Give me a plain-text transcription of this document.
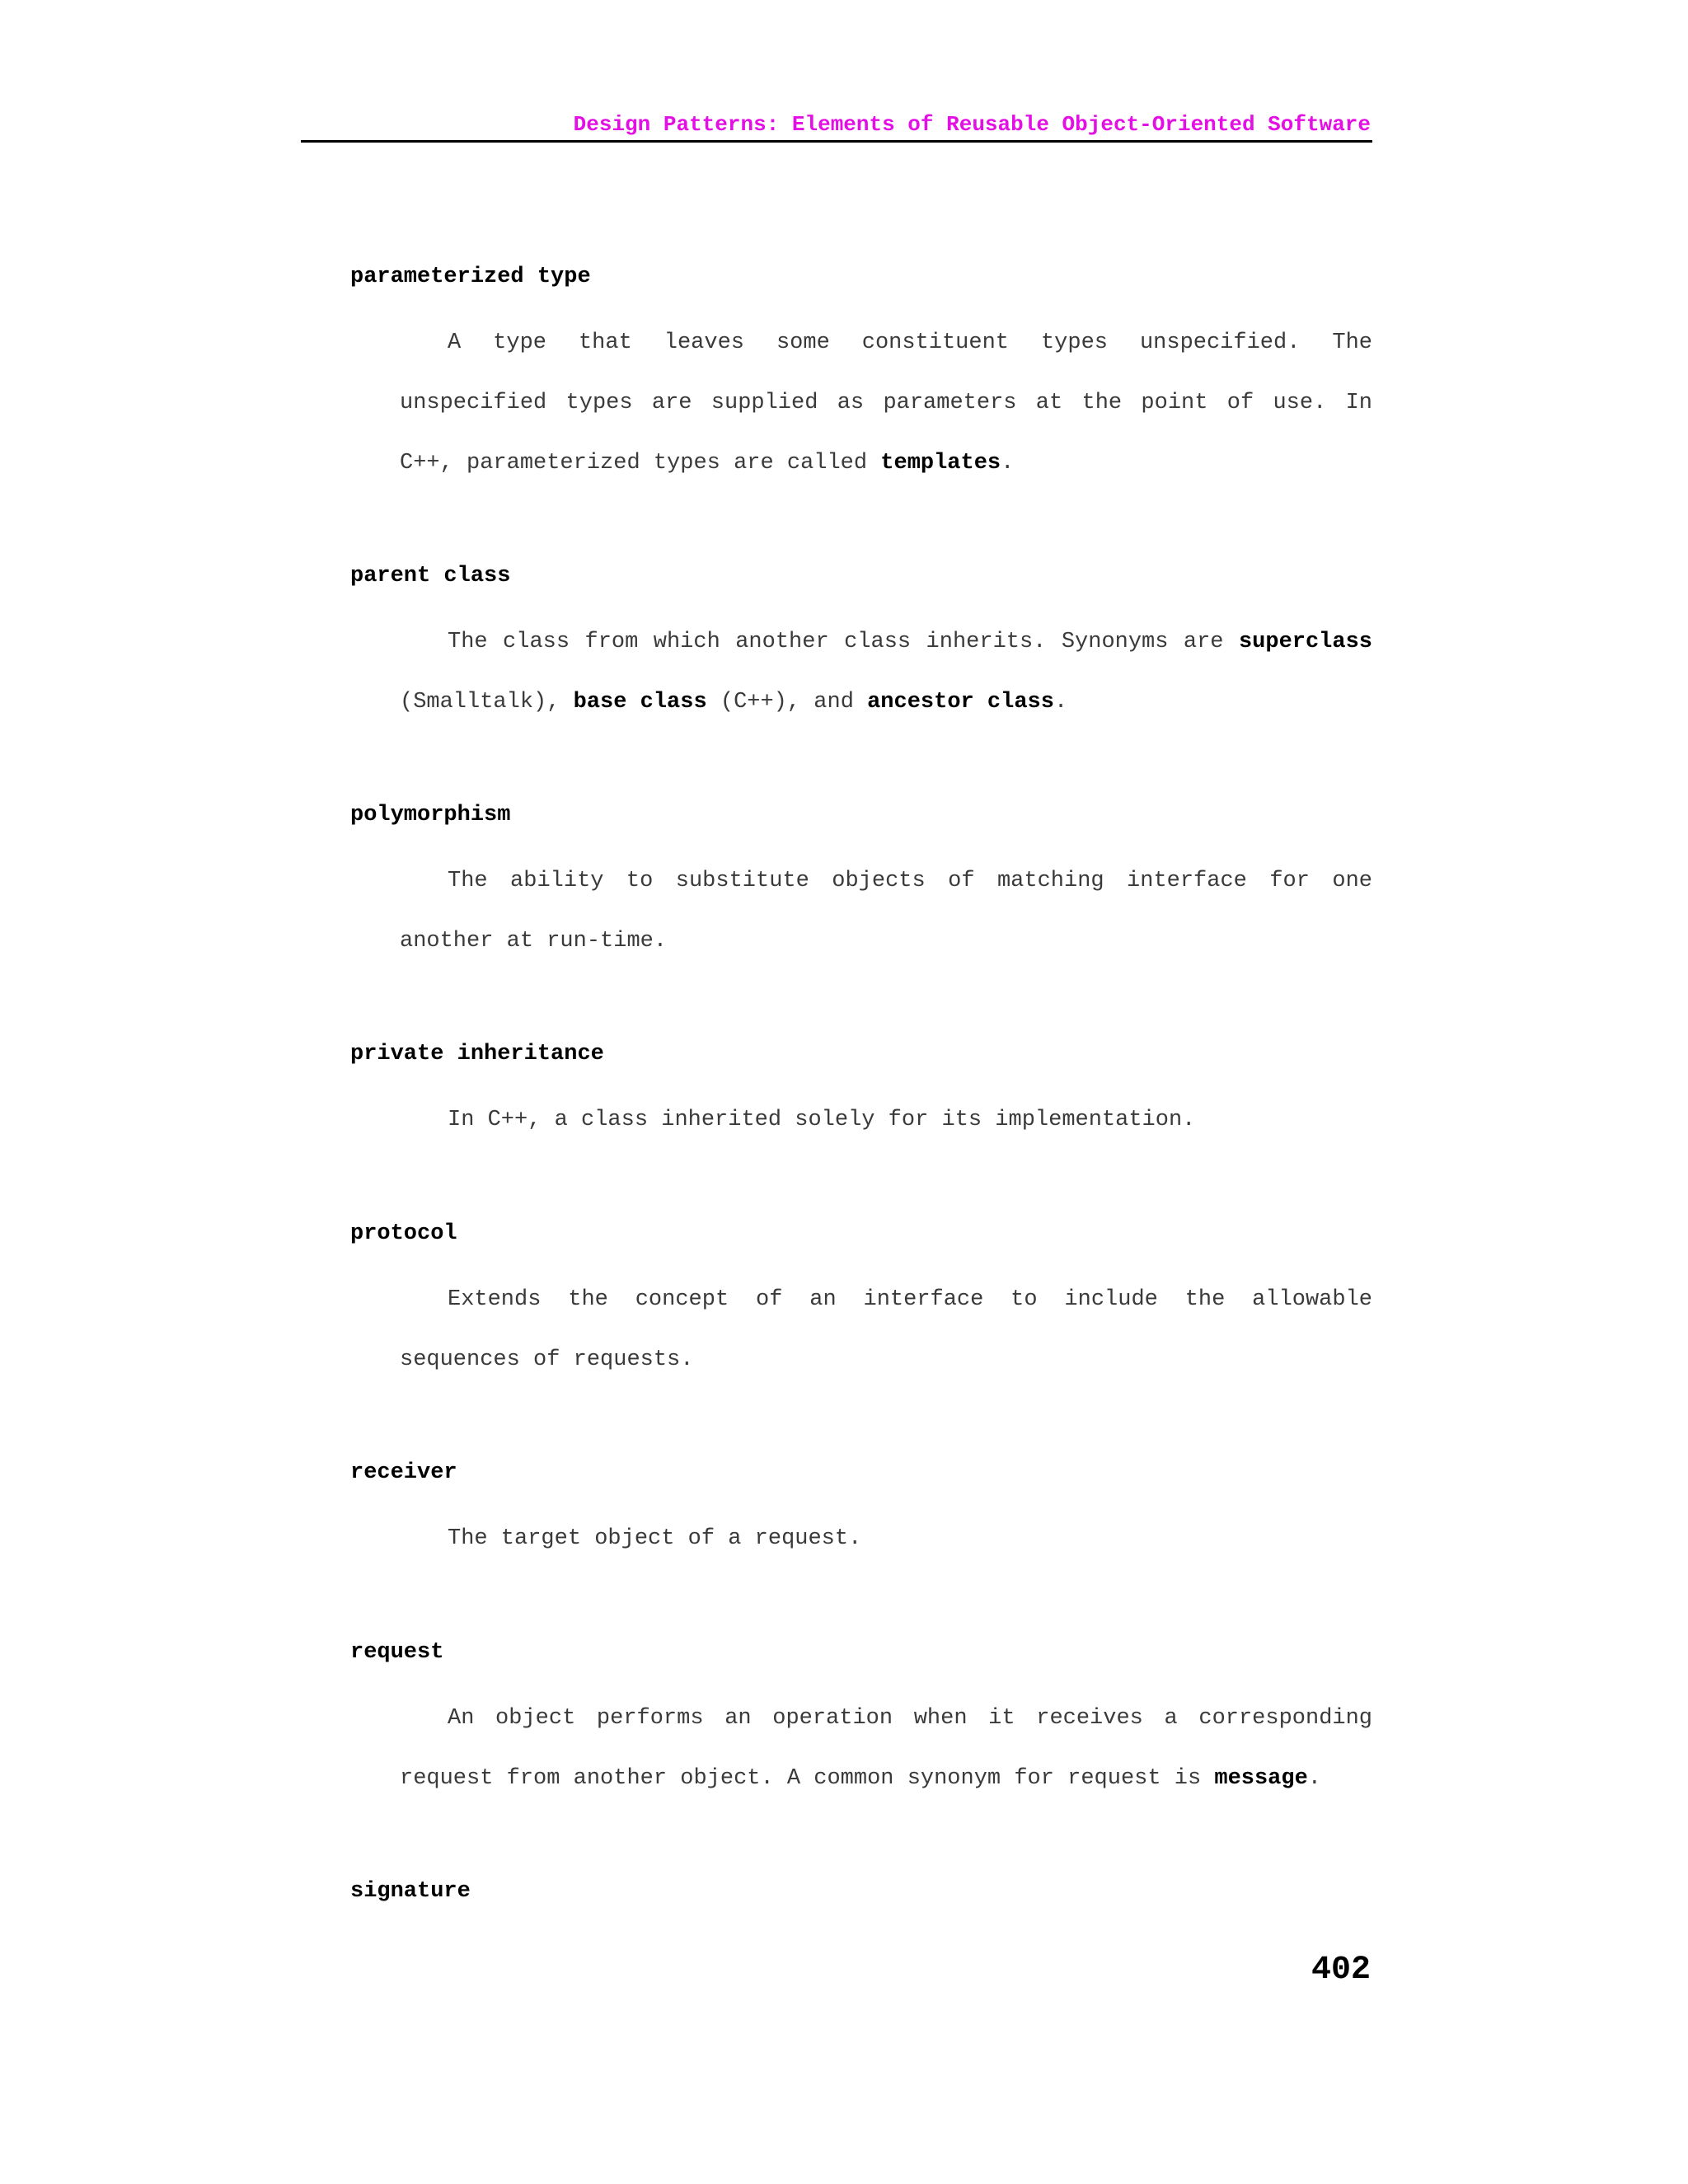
Design Patterns: Elements of Reusable Object-Oriented Software

parameterized type

A type that leaves some constituent types unspecified. The unspecified types are supplied as parameters at the point of use. In C++, parameterized types are called templates.

parent class

The class from which another class inherits. Synonyms are superclass (Smalltalk), base class (C++), and ancestor class.

polymorphism

The ability to substitute objects of matching interface for one another at run-time.

private inheritance

In C++, a class inherited solely for its implementation.

protocol

Extends the concept of an interface to include the allowable sequences of requests.

receiver

The target object of a request.

request

An object performs an operation when it receives a corresponding request from another object. A common synonym for request is message.

signature

402
